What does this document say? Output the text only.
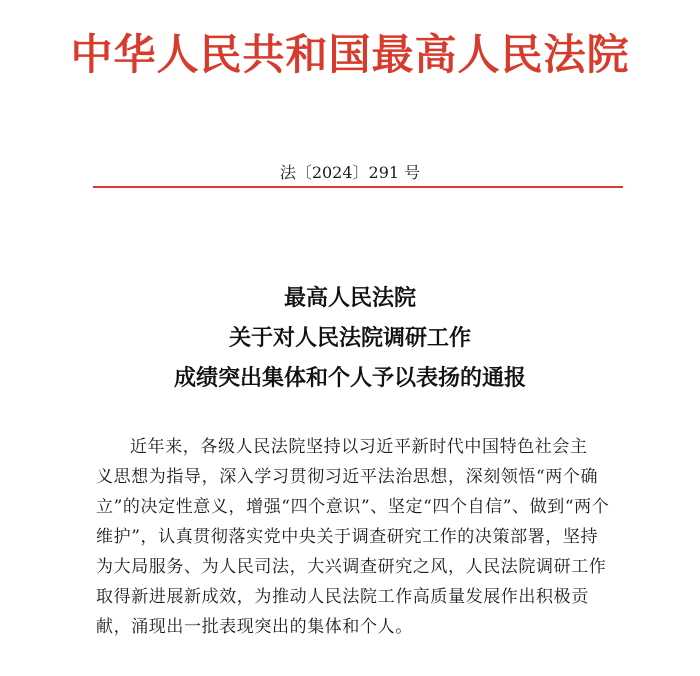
中华人民共和国最高人民法院
法〔2024〕291 号
最高人民法院
关于对人民法院调研工作
成绩突出集体和个人予以表扬的通报
近年来，各级人民法院坚持以习近平新时代中国特色社会主
义思想为指导，深入学习贯彻习近平法治思想，深刻领悟“两个确
立”的决定性意义，增强“四个意识”、坚定“四个自信”、做到“两个
维护”，认真贯彻落实党中央关于调查研究工作的决策部署，坚持
为大局服务、为人民司法，大兴调查研究之风，人民法院调研工作
取得新进展新成效，为推动人民法院工作高质量发展作出积极贡
献，涌现出一批表现突出的集体和个人。
